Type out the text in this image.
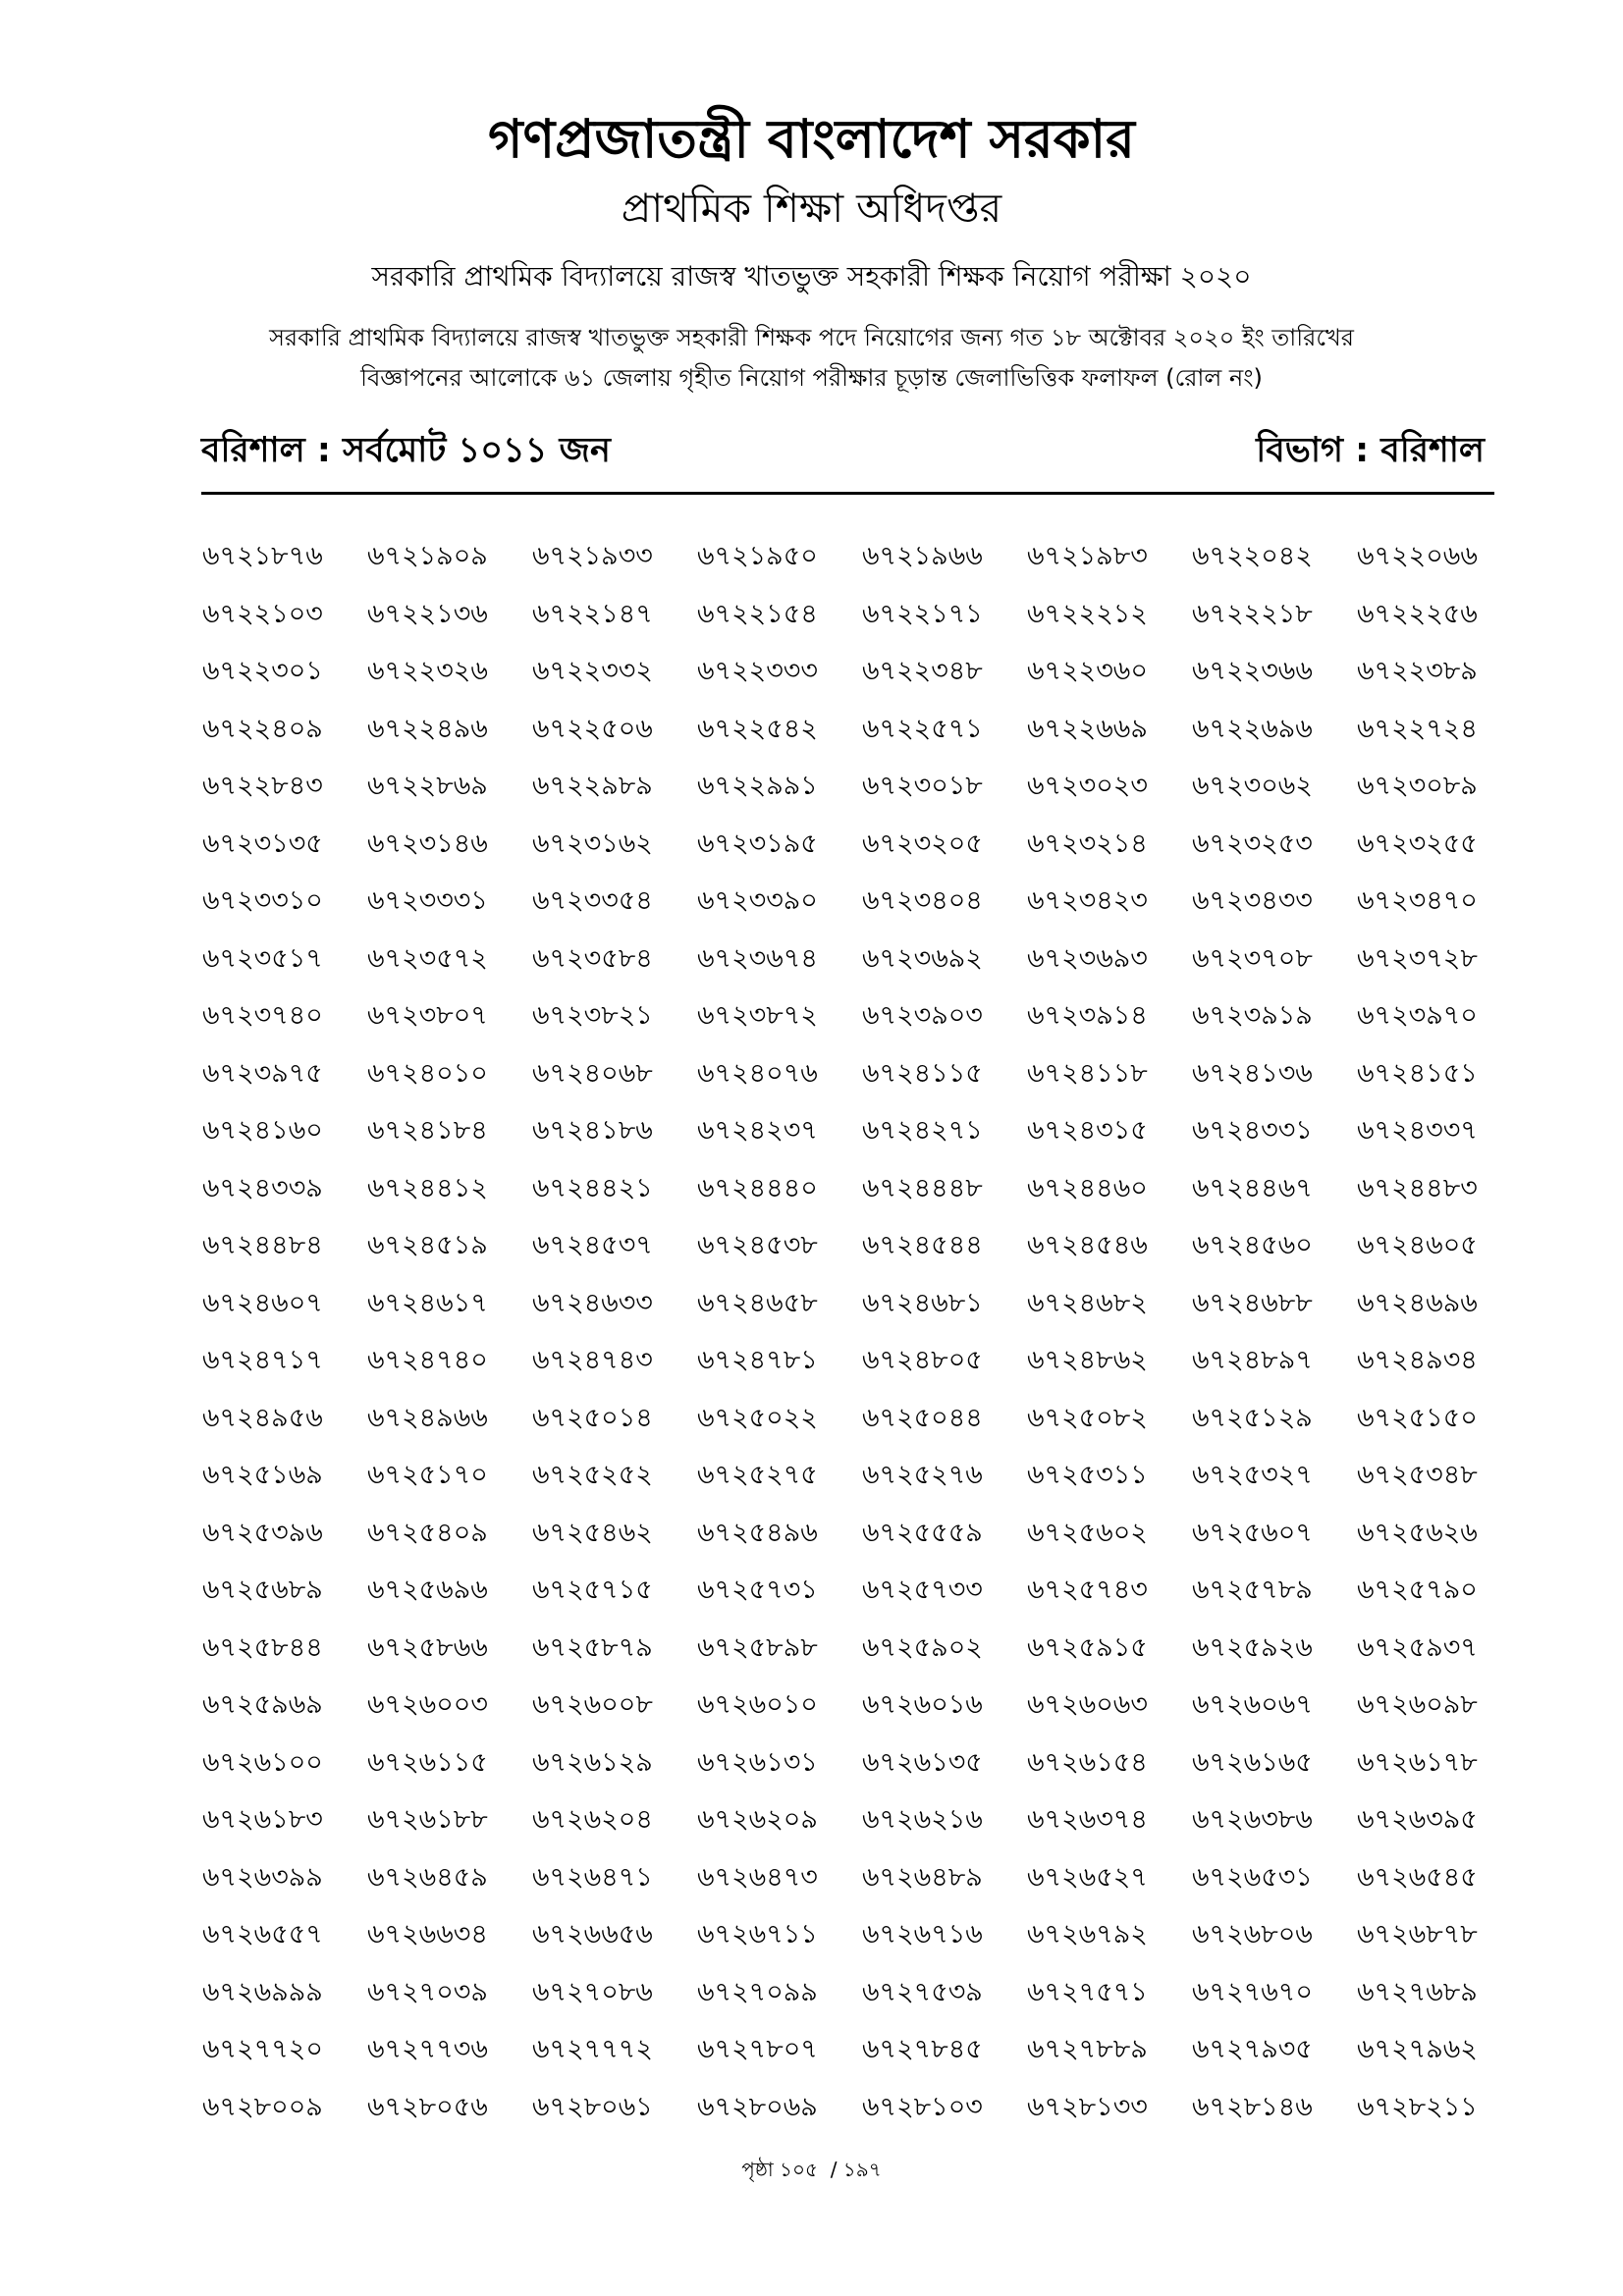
গণপ্রজাতন্ত্রী বাংলাদেশ সরকার
প্রাথমিক শিক্ষা অধিদপ্তর
সরকারি প্রাথমিক বিদ্যালয়ে রাজস্ব খাতভুক্ত সহকারী শিক্ষক নিয়োগ পরীক্ষা ২০২০
সরকারি প্রাথমিক বিদ্যালয়ে রাজস্ব খাতভুক্ত সহকারী শিক্ষক পদে নিয়োগের জন্য গত ১৮ অক্টোবর ২০২০ ইং তারিখের
বিজ্ঞাপনের আলোকে ৬১ জেলায় গৃহীত নিয়োগ পরীক্ষার চূড়ান্ত জেলাভিত্তিক ফলাফল (রোল নং)
বরিশাল : সর্বমোট ১০১১ জন	বিভাগ : বরিশাল
৬৭২১৮৭৬	৬৭২১৯০৯	৬৭২১৯৩৩	৬৭২১৯৫০	৬৭২১৯৬৬	৬৭২১৯৮৩	৬৭২২০৪২	৬৭২২০৬৬
৬৭২২১০৩	৬৭২২১৩৬	৬৭২২১৪৭	৬৭২২১৫৪	৬৭২২১৭১	৬৭২২২১২	৬৭২২২১৮	৬৭২২২৫৬
৬৭২২৩০১	৬৭২২৩২৬	৬৭২২৩৩২	৬৭২২৩৩৩	৬৭২২৩৪৮	৬৭২২৩৬০	৬৭২২৩৬৬	৬৭২২৩৮৯
৬৭২২৪০৯	৬৭২২৪৯৬	৬৭২২৫০৬	৬৭২২৫৪২	৬৭২২৫৭১	৬৭২২৬৬৯	৬৭২২৬৯৬	৬৭২২৭২৪
৬৭২২৮৪৩	৬৭২২৮৬৯	৬৭২২৯৮৯	৬৭২২৯৯১	৬৭২৩০১৮	৬৭২৩০২৩	৬৭২৩০৬২	৬৭২৩০৮৯
৬৭২৩১৩৫	৬৭২৩১৪৬	৬৭২৩১৬২	৬৭২৩১৯৫	৬৭২৩২০৫	৬৭২৩২১৪	৬৭২৩২৫৩	৬৭২৩২৫৫
৬৭২৩৩১০	৬৭২৩৩৩১	৬৭২৩৩৫৪	৬৭২৩৩৯০	৬৭২৩৪০৪	৬৭২৩৪২৩	৬৭২৩৪৩৩	৬৭২৩৪৭০
৬৭২৩৫১৭	৬৭২৩৫৭২	৬৭২৩৫৮৪	৬৭২৩৬৭৪	৬৭২৩৬৯২	৬৭২৩৬৯৩	৬৭২৩৭০৮	৬৭২৩৭২৮
৬৭২৩৭৪০	৬৭২৩৮০৭	৬৭২৩৮২১	৬৭২৩৮৭২	৬৭২৩৯০৩	৬৭২৩৯১৪	৬৭২৩৯১৯	৬৭২৩৯৭০
৬৭২৩৯৭৫	৬৭২৪০১০	৬৭২৪০৬৮	৬৭২৪০৭৬	৬৭২৪১১৫	৬৭২৪১১৮	৬৭২৪১৩৬	৬৭২৪১৫১
৬৭২৪১৬০	৬৭২৪১৮৪	৬৭২৪১৮৬	৬৭২৪২৩৭	৬৭২৪২৭১	৬৭২৪৩১৫	৬৭২৪৩৩১	৬৭২৪৩৩৭
৬৭২৪৩৩৯	৬৭২৪৪১২	৬৭২৪৪২১	৬৭২৪৪৪০	৬৭২৪৪৪৮	৬৭২৪৪৬০	৬৭২৪৪৬৭	৬৭২৪৪৮৩
৬৭২৪৪৮৪	৬৭২৪৫১৯	৬৭২৪৫৩৭	৬৭২৪৫৩৮	৬৭২৪৫৪৪	৬৭২৪৫৪৬	৬৭২৪৫৬০	৬৭২৪৬০৫
৬৭২৪৬০৭	৬৭২৪৬১৭	৬৭২৪৬৩৩	৬৭২৪৬৫৮	৬৭২৪৬৮১	৬৭২৪৬৮২	৬৭২৪৬৮৮	৬৭২৪৬৯৬
৬৭২৪৭১৭	৬৭২৪৭৪০	৬৭২৪৭৪৩	৬৭২৪৭৮১	৬৭২৪৮০৫	৬৭২৪৮৬২	৬৭২৪৮৯৭	৬৭২৪৯৩৪
৬৭২৪৯৫৬	৬৭২৪৯৬৬	৬৭২৫০১৪	৬৭২৫০২২	৬৭২৫০৪৪	৬৭২৫০৮২	৬৭২৫১২৯	৬৭২৫১৫০
৬৭২৫১৬৯	৬৭২৫১৭০	৬৭২৫২৫২	৬৭২৫২৭৫	৬৭২৫২৭৬	৬৭২৫৩১১	৬৭২৫৩২৭	৬৭২৫৩৪৮
৬৭২৫৩৯৬	৬৭২৫৪০৯	৬৭২৫৪৬২	৬৭২৫৪৯৬	৬৭২৫৫৫৯	৬৭২৫৬০২	৬৭২৫৬০৭	৬৭২৫৬২৬
৬৭২৫৬৮৯	৬৭২৫৬৯৬	৬৭২৫৭১৫	৬৭২৫৭৩১	৬৭২৫৭৩৩	৬৭২৫৭৪৩	৬৭২৫৭৮৯	৬৭২৫৭৯০
৬৭২৫৮৪৪	৬৭২৫৮৬৬	৬৭২৫৮৭৯	৬৭২৫৮৯৮	৬৭২৫৯০২	৬৭২৫৯১৫	৬৭২৫৯২৬	৬৭২৫৯৩৭
৬৭২৫৯৬৯	৬৭২৬০০৩	৬৭২৬০০৮	৬৭২৬০১০	৬৭২৬০১৬	৬৭২৬০৬৩	৬৭২৬০৬৭	৬৭২৬০৯৮
৬৭২৬১০০	৬৭২৬১১৫	৬৭২৬১২৯	৬৭২৬১৩১	৬৭২৬১৩৫	৬৭২৬১৫৪	৬৭২৬১৬৫	৬৭২৬১৭৮
৬৭২৬১৮৩	৬৭২৬১৮৮	৬৭২৬২০৪	৬৭২৬২০৯	৬৭২৬২১৬	৬৭২৬৩৭৪	৬৭২৬৩৮৬	৬৭২৬৩৯৫
৬৭২৬৩৯৯	৬৭২৬৪৫৯	৬৭২৬৪৭১	৬৭২৬৪৭৩	৬৭২৬৪৮৯	৬৭২৬৫২৭	৬৭২৬৫৩১	৬৭২৬৫৪৫
৬৭২৬৫৫৭	৬৭২৬৬৩৪	৬৭২৬৬৫৬	৬৭২৬৭১১	৬৭২৬৭১৬	৬৭২৬৭৯২	৬৭২৬৮০৬	৬৭২৬৮৭৮
৬৭২৬৯৯৯	৬৭২৭০৩৯	৬৭২৭০৮৬	৬৭২৭০৯৯	৬৭২৭৫৩৯	৬৭২৭৫৭১	৬৭২৭৬৭০	৬৭২৭৬৮৯
৬৭২৭৭২০	৬৭২৭৭৩৬	৬৭২৭৭৭২	৬৭২৭৮০৭	৬৭২৭৮৪৫	৬৭২৭৮৮৯	৬৭২৭৯৩৫	৬৭২৭৯৬২
৬৭২৮০০৯	৬৭২৮০৫৬	৬৭২৮০৬১	৬৭২৮০৬৯	৬৭২৮১০৩	৬৭২৮১৩৩	৬৭২৮১৪৬	৬৭২৮২১১
পৃষ্ঠা ১০৫  / ১৯৭
